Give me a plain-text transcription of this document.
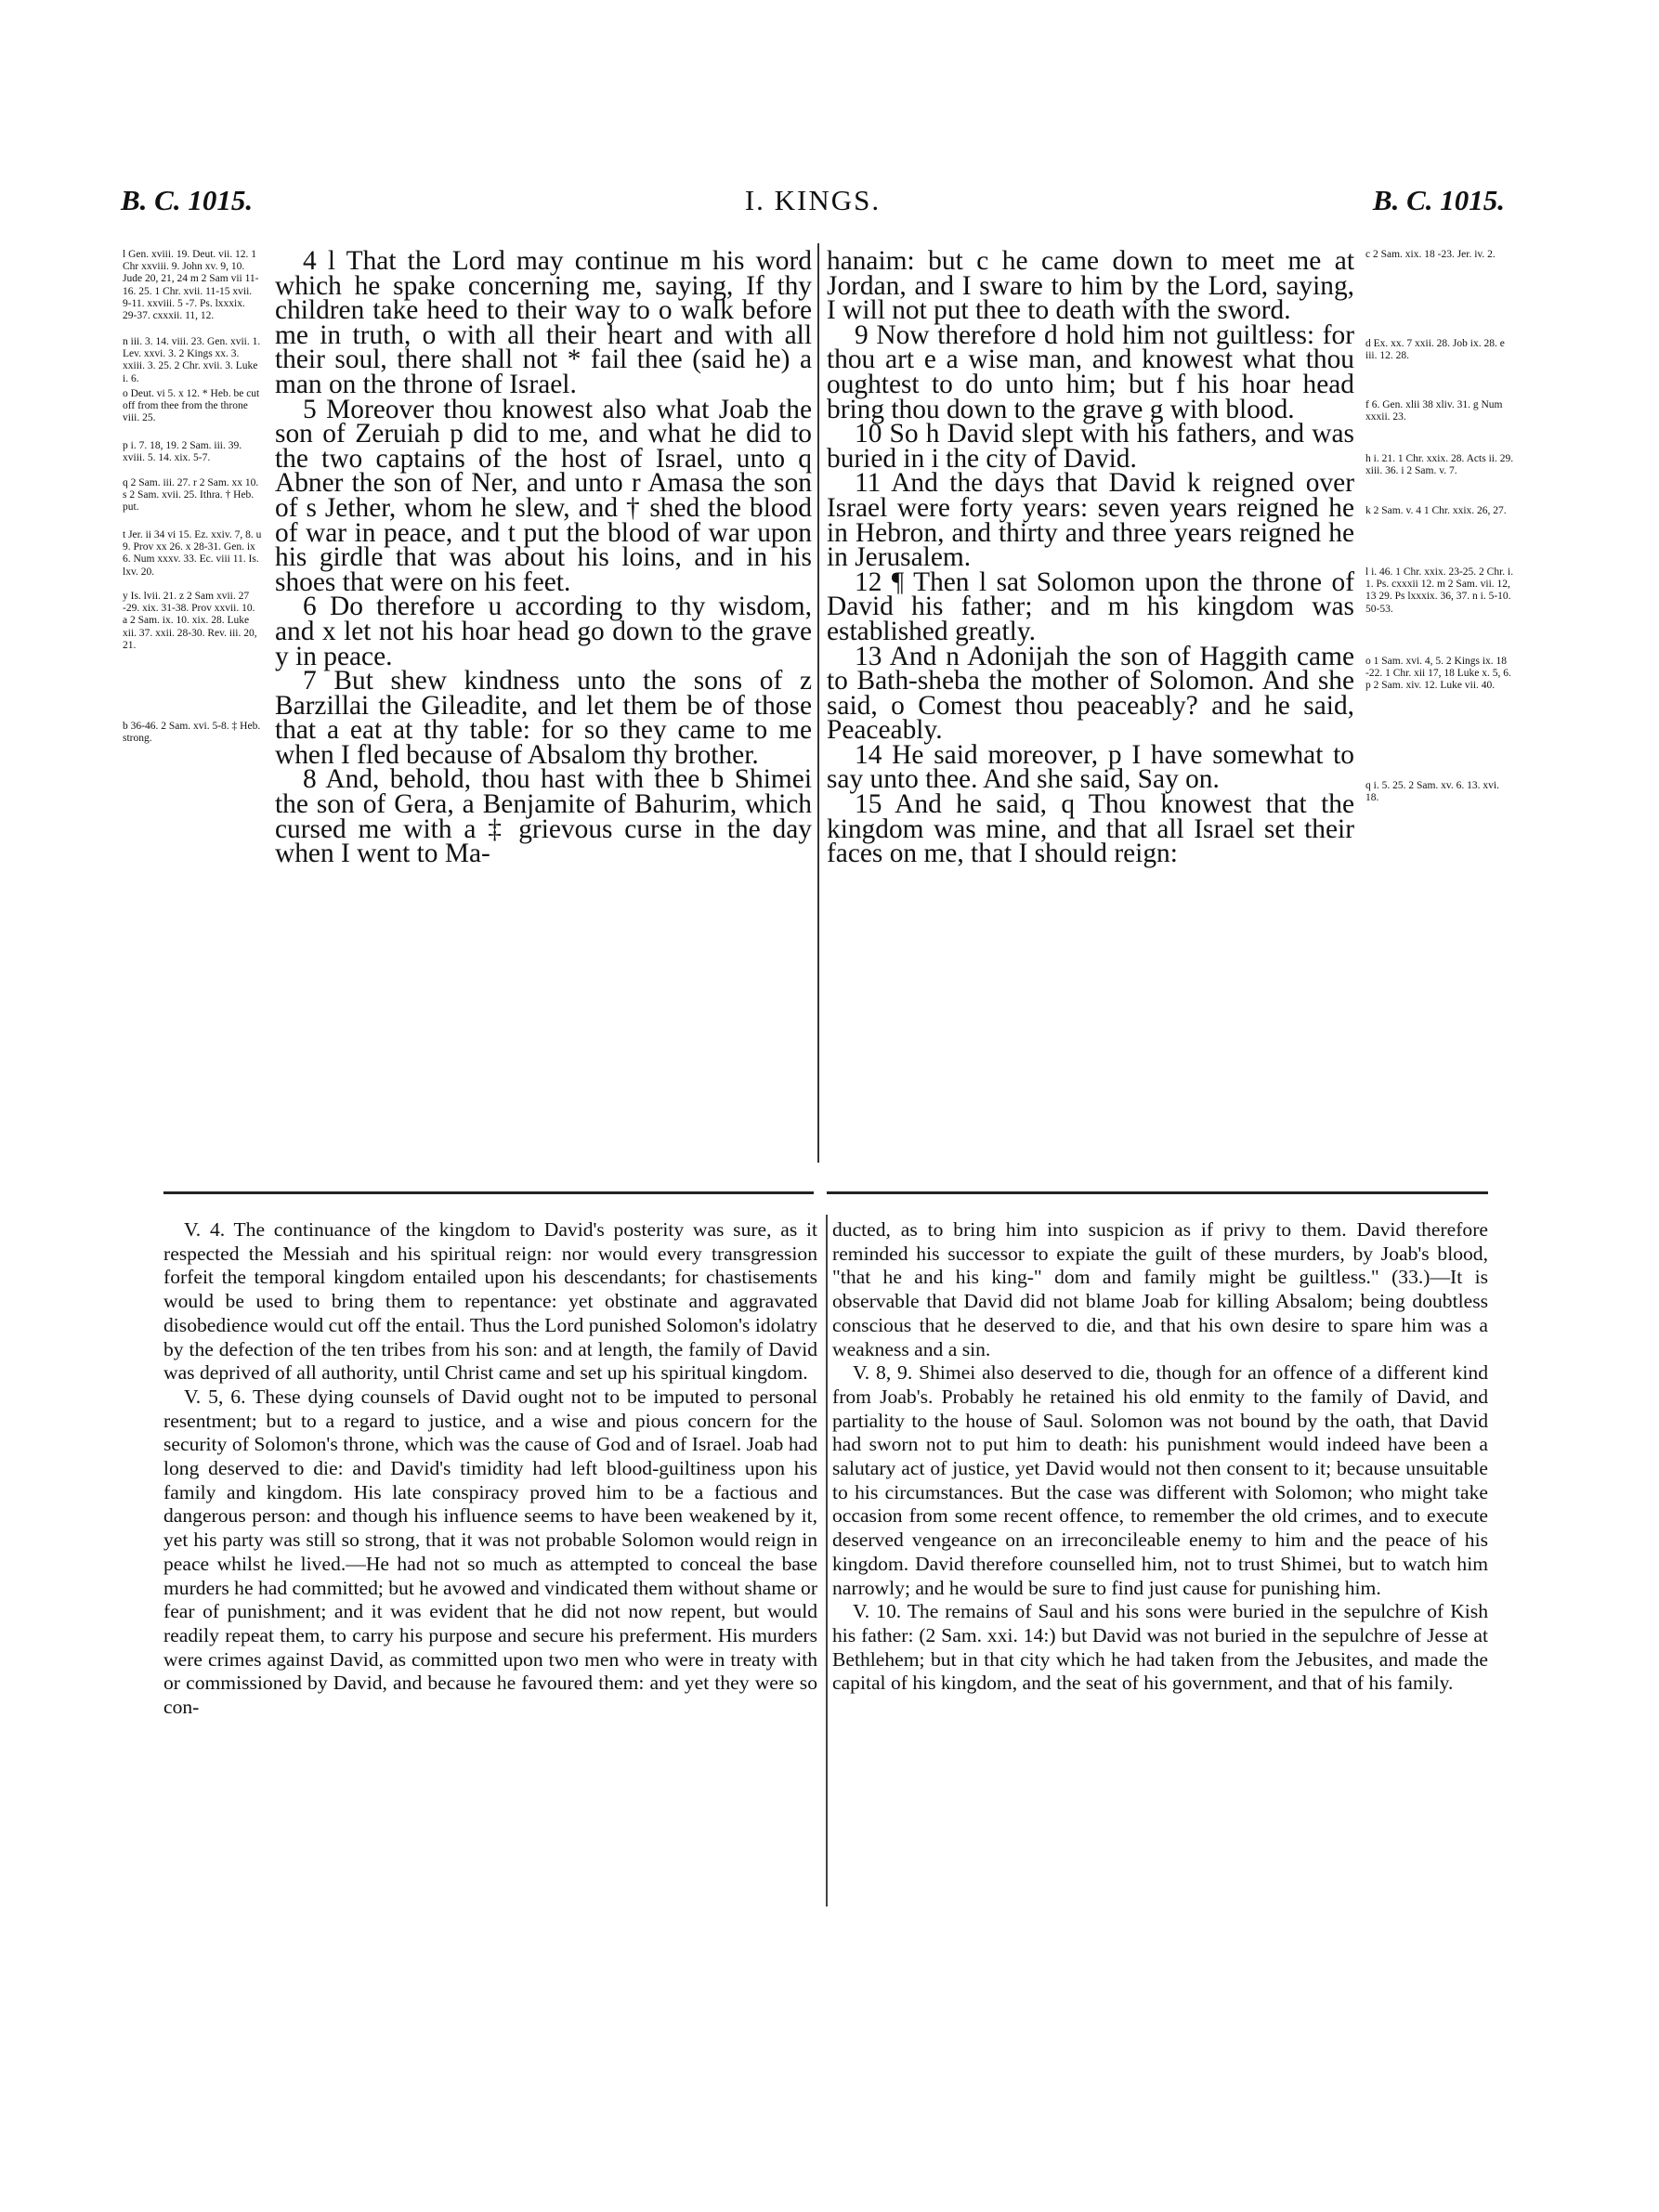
B. C. 1015.	I. KINGS.	B. C. 1015.
l Gen. xviii. 19. Deut. vii. 12. 1 Chr xxviii. 9. John xv. 9, 10. Jude 20, 21, 24 m 2 Sam vii 11-16. 25. 1 Chr. xvii. 11-15 xvii. 9-11. xxviii. 5 -7. Ps. lxxxix. 29-37. cxxxii. 11, 12.
n iii. 3. 14. viii. 23. Gen. xvii. 1. Lev. xxvi. 3. 2 Kings xx. 3. xxiii. 3. 25. 2 Chr. xvii. 3. Luke i. 6.
o Deut. vi 5. x 12. * Heb. be cut off from thee from the throne viii. 25.
p i. 7. 18, 19. 2 Sam. iii. 39. xviii. 5. 14. xix. 5-7.
q 2 Sam. iii. 27. r 2 Sam. xx 10. s 2 Sam. xvii. 25. Ithra. † Heb. put.
t Jer. ii 34 vi 15. Ez. xxiv. 7, 8. u 9. Prov xx 26. x 28-31. Gen. ix 6. Num xxxv. 33. Ec. viii 11. Is. lxv. 20.
y Is. lvii. 21. z 2 Sam xvii. 27 -29. xix. 31-38. Prov xxvii. 10. a 2 Sam. ix. 10. xix. 28. Luke xii. 37. xxii. 28-30. Rev. iii. 20, 21.
b 36-46. 2 Sam. xvi. 5-8. ‡ Heb. strong.
c 2 Sam. xix. 18 -23. Jer. iv. 2.
d Ex. xx. 7 xxii. 28. Job ix. 28. e iii. 12. 28.
f 6. Gen. xlii 38 xliv. 31. g Num xxxii. 23.
h i. 21. 1 Chr. xxix. 28. Acts ii. 29. xiii. 36. i 2 Sam. v. 7.
k 2 Sam. v. 4 1 Chr. xxix. 26, 27.
l i. 46. 1 Chr. xxix. 23-25. 2 Chr. i. 1. Ps. cxxxii 12. m 2 Sam. vii. 12, 13 29. Ps lxxxix. 36, 37. n i. 5-10. 50-53.
o 1 Sam. xvi. 4, 5. 2 Kings ix. 18 -22. 1 Chr. xii 17, 18 Luke x. 5, 6. p 2 Sam. xiv. 12. Luke vii. 40.
q i. 5. 25. 2 Sam. xv. 6. 13. xvi. 18.

4 l That the Lord may continue m his word which he spake concerning me, saying, If thy children take heed to their way to o walk before me in truth, o with all their heart and with all their soul, there shall not * fail thee (said he) a man on the throne of Israel.

5 Moreover thou knowest also what Joab the son of Zeruiah p did to me, and what he did to the two captains of the host of Israel, unto q Abner the son of Ner, and unto r Amasa the son of s Jether, whom he slew, and † shed the blood of war in peace, and t put the blood of war upon his girdle that was about his loins, and in his shoes that were on his feet.

6 Do therefore u according to thy wisdom, and x let not his hoar head go down to the grave y in peace.

7 But shew kindness unto the sons of z Barzillai the Gileadite, and let them be of those that a eat at thy table: for so they came to me when I fled because of Absalom thy brother.

8 And, behold, thou hast with thee b Shimei the son of Gera, a Benjamite of Bahurim, which cursed me with a ‡ grievous curse in the day when I went to Ma-

hanaim: but c he came down to meet me at Jordan, and I sware to him by the Lord, saying, I will not put thee to death with the sword.

9 Now therefore d hold him not guiltless: for thou art e a wise man, and knowest what thou oughtest to do unto him; but f his hoar head bring thou down to the grave g with blood.

10 So h David slept with his fathers, and was buried in i the city of David.

11 And the days that David k reigned over Israel were forty years: seven years reigned he in Hebron, and thirty and three years reigned he in Jerusalem.

12 ¶ Then l sat Solomon upon the throne of David his father; and m his kingdom was established greatly.

13 And n Adonijah the son of Haggith came to Bath-sheba the mother of Solomon. And she said, o Comest thou peaceably? and he said, Peaceably.

14 He said moreover, p I have somewhat to say unto thee. And she said, Say on.

15 And he said, q Thou knowest that the kingdom was mine, and that all Israel set their faces on me, that I should reign:

V. 4. The continuance of the kingdom to David's posterity was sure, as it respected the Messiah and his spiritual reign: nor would every transgression forfeit the temporal kingdom entailed upon his descendants; for chastisements would be used to bring them to repentance: yet obstinate and aggravated disobedience would cut off the entail. Thus the Lord punished Solomon's idolatry by the defection of the ten tribes from his son: and at length, the family of David was deprived of all authority, until Christ came and set up his spiritual kingdom.

V. 5, 6. These dying counsels of David ought not to be imputed to personal resentment; but to a regard to justice, and a wise and pious concern for the security of Solomon's throne, which was the cause of God and of Israel. Joab had long deserved to die: and David's timidity had left blood-guiltiness upon his family and kingdom. His late conspiracy proved him to be a factious and dangerous person: and though his influence seems to have been weakened by it, yet his party was still so strong, that it was not probable Solomon would reign in peace whilst he lived.—He had not so much as attempted to conceal the base murders he had committed; but he avowed and vindicated them without shame or fear of punishment; and it was evident that he did not now repent, but would readily repeat them, to carry his purpose and secure his preferment. His murders were crimes against David, as committed upon two men who were in treaty with or commissioned by David, and because he favoured them: and yet they were so con-

ducted, as to bring him into suspicion as if privy to them. David therefore reminded his successor to expiate the guilt of these murders, by Joab's blood, "that he and his king-" dom and family might be guiltless." (33.)—It is observable that David did not blame Joab for killing Absalom; being doubtless conscious that he deserved to die, and that his own desire to spare him was a weakness and a sin.

V. 8, 9. Shimei also deserved to die, though for an offence of a different kind from Joab's. Probably he retained his old enmity to the family of David, and partiality to the house of Saul. Solomon was not bound by the oath, that David had sworn not to put him to death: his punishment would indeed have been a salutary act of justice, yet David would not then consent to it; because unsuitable to his circumstances. But the case was different with Solomon; who might take occasion from some recent offence, to remember the old crimes, and to execute deserved vengeance on an irreconcileable enemy to him and the peace of his kingdom. David therefore counselled him, not to trust Shimei, but to watch him narrowly; and he would be sure to find just cause for punishing him.

V. 10. The remains of Saul and his sons were buried in the sepulchre of Kish his father: (2 Sam. xxi. 14:) but David was not buried in the sepulchre of Jesse at Bethlehem; but in that city which he had taken from the Jebusites, and made the capital of his kingdom, and the seat of his government, and that of his family.
